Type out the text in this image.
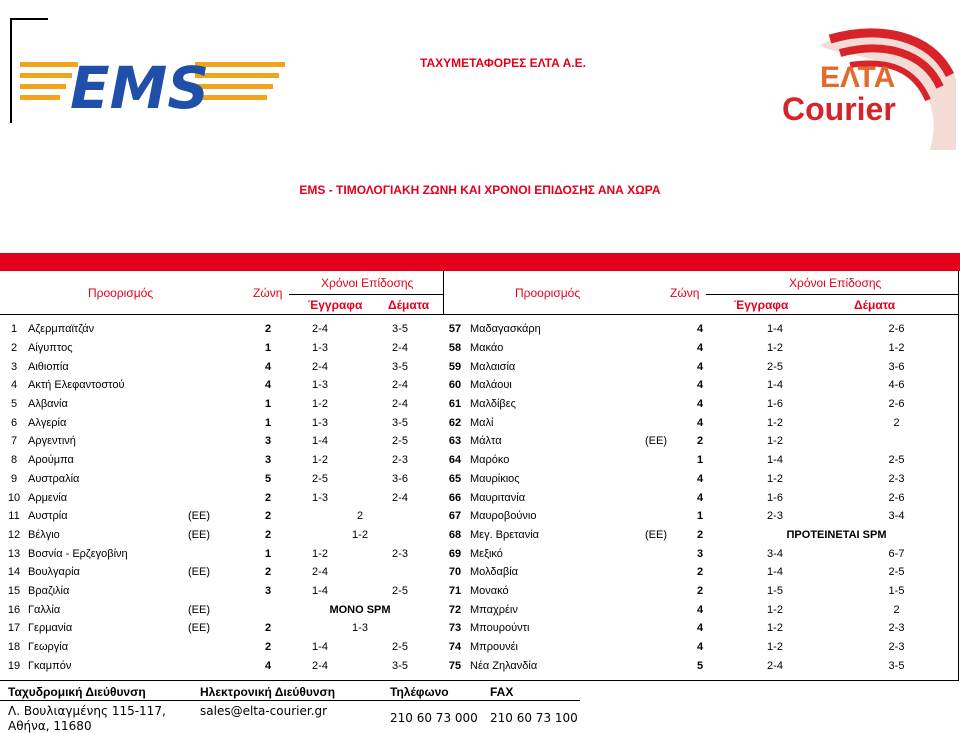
EMS	ΤΑΧΥΜΕΤΑΦΟΡΕΣ ΕΛΤΑ Α.Ε.	ΕΛΤΑ
Courier
EMS - ΤΙΜΟΛΟΓΙΑΚΗ ΖΩΝΗ ΚΑΙ ΧΡΟΝΟΙ ΕΠΙΔΟΣΗΣ ΑΝΑ ΧΩΡΑ
Προορισμός	Ζώνη
Χρόνοι Επίδοσης
Έγγραφα Δέματα
Προορισμός	Ζώνη
Χρόνοι Επίδοσης
Έγγραφα	Δέματα
1	Αζερμπαϊτζάν		2	2-4	3-5	57	Μαδαγασκάρη		4	1-4	2-6
2	Αίγυπτος		1	1-3	2-4	58	Μακάο		4	1-2	1-2
3	Αιθιοπία		4	2-4	3-5	59	Μαλαισία		4	2-5	3-6
4	Ακτή Ελεφαντοστού		4	1-3	2-4	60	Μαλάουι		4	1-4	4-6
5	Αλβανία		1	1-2	2-4	61	Μαλδίβες		4	1-6	2-6
6	Αλγερία		1	1-3	3-5	62	Μαλί		4	1-2	2
7	Αργεντινή		3	1-4	2-5	63	Μάλτα	(ΕΕ)	2	1-2	
8	Αρούμπα		3	1-2	2-3	64	Μαρόκο		1	1-4	2-5
9	Αυστραλία		5	2-5	3-6	65	Μαυρίκιος		4	1-2	2-3
10	Αρμενία		2	1-3	2-4	66	Μαυριτανία		4	1-6	2-6
11	Αυστρία	(ΕΕ)	2	2		67	Μαυροβούνιο		1	2-3	3-4
12	Βέλγιο	(ΕΕ)	2	1-2		68	Μεγ. Βρετανία	(ΕΕ)	2	ΠΡΟΤΕΙΝΕΤΑΙ SPM	
13	Βοσνία - Ερζεγοβίνη		1	1-2	2-3	69	Μεξικό		3	3-4	6-7
14	Βουλγαρία	(ΕΕ)	2	2-4		70	Μολδαβία		2	1-4	2-5
15	Βραζιλία		3	1-4	2-5	71	Μονακό		2	1-5	1-5
16	Γαλλία	(ΕΕ)		ΜΟΝΟ SPM		72	Μπαχρέιν		4	1-2	2
17	Γερμανία	(ΕΕ)	2	1-3		73	Μπουρούντι		4	1-2	2-3
18	Γεωργία		2	1-4	2-5	74	Μπρουνέι		4	1-2	2-3
19	Γκαμπόν		4	2-4	3-5	75	Νέα Ζηλανδία		5	2-4	3-5
Ταχυδρομική Διεύθυνση	Ηλεκτρονική Διεύθυνση	Τηλέφωνο	FAX
Λ. Βουλιαγμένης 115-117,
Αθήνα, 11680
sales@elta-courier.gr	210 60 73 000 210 60 73 100
